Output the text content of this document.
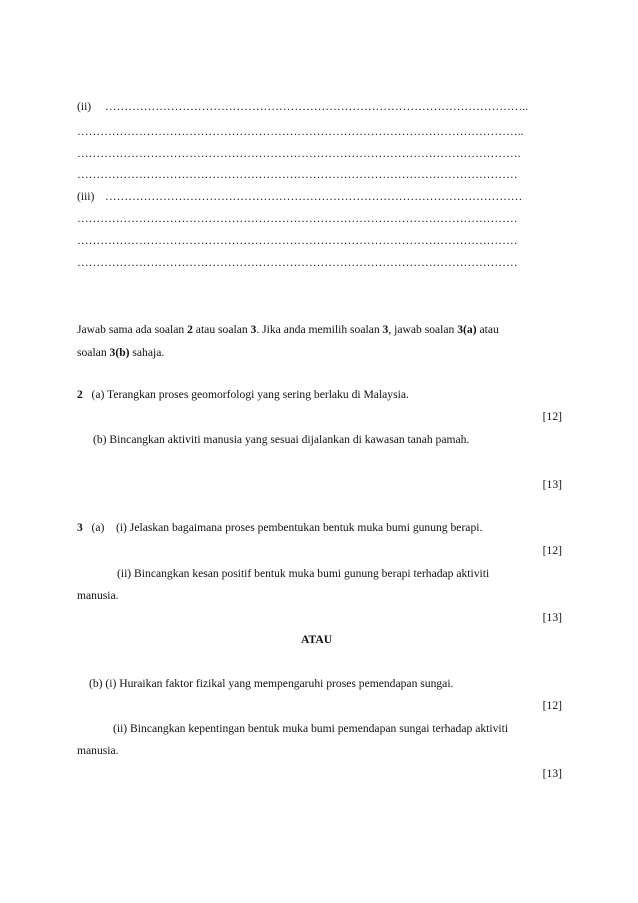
(ii) ………………………………………………………………………………………………..
……………………………………………………………………………………………………..
…………………………………………………………………………………………………….
……………………………………………………………………………………………………
(iii) ………………………………………………………………………………………………
……………………………………………………………………………………………………
……………………………………………………………………………………………………
……………………………………………………………………………………………………
Jawab sama ada soalan 2 atau soalan 3. Jika anda memilih soalan 3, jawab soalan 3(a) atau
soalan 3(b) sahaja.
2 (a) Terangkan proses geomorfologi yang sering berlaku di Malaysia.
[12]
(b) Bincangkan aktiviti manusia yang sesuai dijalankan di kawasan tanah pamah.
[13]
3 (a) (i) Jelaskan bagaimana proses pembentukan bentuk muka bumi gunung berapi.
[12]
(ii) Bincangkan kesan positif bentuk muka bumi gunung berapi terhadap aktiviti
manusia.
[13]
ATAU
(b) (i) Huraikan faktor fizikal yang mempengaruhi proses pemendapan sungai.
[12]
(ii) Bincangkan kepentingan bentuk muka bumi pemendapan sungai terhadap aktiviti
manusia.
[13]
